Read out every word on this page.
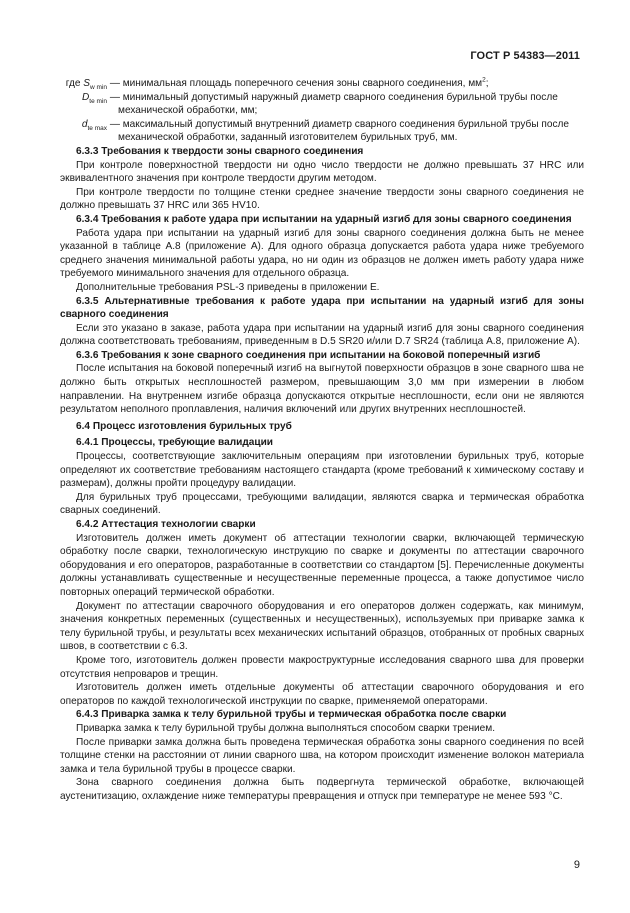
ГОСТ Р 54383—2011
где $S_{w min}$ — минимальная площадь поперечного сечения зоны сварного соединения, $мм^2$;
$D_{te min}$ — минимальный допустимый наружный диаметр сварного соединения бурильной трубы после

механической обработки, мм;

$d_{te max}$ — максимальный допустимый внутренний диаметр сварного соединения бурильной трубы после

механической обработки, заданный изготовителем бурильных труб, мм.

6.3.3 Требования к твердости зоны сварного соединения

При контроле поверхностной твердости ни одно число твердости не должно превышать 37 HRC или эквивалентного значения при контроле твердости другим методом.

При контроле твердости по толщине стенки среднее значение твердости зоны сварного соединения не должно превышать 37 HRC или 365 HV10.

6.3.4 Требования к работе удара при испытании на ударный изгиб для зоны сварного соединения

Работа удара при испытании на ударный изгиб для зоны сварного соединения должна быть не менее указанной в таблице А.8 (приложение А). Для одного образца допускается работа удара ниже требуемого среднего значения минимальной работы удара, но ни один из образцов не должен иметь работу удара ниже требуемого минимального значения для отдельного образца.

Дополнительные требования PSL-3 приведены в приложении Е.

6.3.5 Альтернативные требования к работе удара при испытании на ударный изгиб для зоны сварного соединения

Если это указано в заказе, работа удара при испытании на ударный изгиб для зоны сварного соединения должна соответствовать требованиям, приведенным в D.5 SR20 и/или D.7 SR24 (таблица А.8, приложение А).

6.3.6 Требования к зоне сварного соединения при испытании на боковой поперечный изгиб

После испытания на боковой поперечный изгиб на выгнутой поверхности образцов в зоне сварного шва не должно быть открытых несплошностей размером, превышающим 3,0 мм при измерении в любом направлении. На внутреннем изгибе образца допускаются открытые несплошности, если они не являются результатом неполного проплавления, наличия включений или других внутренних несплошностей.

6.4 Процесс изготовления бурильных труб

6.4.1 Процессы, требующие валидации

Процессы, соответствующие заключительным операциям при изготовлении бурильных труб, которые определяют их соответствие требованиям настоящего стандарта (кроме требований к химическому составу и размерам), должны пройти процедуру валидации.

Для бурильных труб процессами, требующими валидации, являются сварка и термическая обработка сварных соединений.

6.4.2 Аттестация технологии сварки

Изготовитель должен иметь документ об аттестации технологии сварки, включающей термическую обработку после сварки, технологическую инструкцию по сварке и документы по аттестации сварочного оборудования и его операторов, разработанные в соответствии со стандартом [5]. Перечисленные документы должны устанавливать существенные и несущественные переменные процесса, а также допустимое число повторных операций термической обработки.

Документ по аттестации сварочного оборудования и его операторов должен содержать, как минимум, значения конкретных переменных (существенных и несущественных), используемых при приварке замка к телу бурильной трубы, и результаты всех механических испытаний образцов, отобранных от пробных сварных швов, в соответствии с 6.3.

Кроме того, изготовитель должен провести макроструктурные исследования сварного шва для проверки отсутствия непроваров и трещин.

Изготовитель должен иметь отдельные документы об аттестации сварочного оборудования и его операторов по каждой технологической инструкции по сварке, применяемой операторами.

6.4.3 Приварка замка к телу бурильной трубы и термическая обработка после сварки

Приварка замка к телу бурильной трубы должна выполняться способом сварки трением.

После приварки замка должна быть проведена термическая обработка зоны сварного соединения по всей толщине стенки на расстоянии от линии сварного шва, на котором происходит изменение волокон материала замка и тела бурильной трубы в процессе сварки.

Зона сварного соединения должна быть подвергнута термической обработке, включающей аустенитизацию, охлаждение ниже температуры превращения и отпуск при температуре не менее 593 °С.

9
